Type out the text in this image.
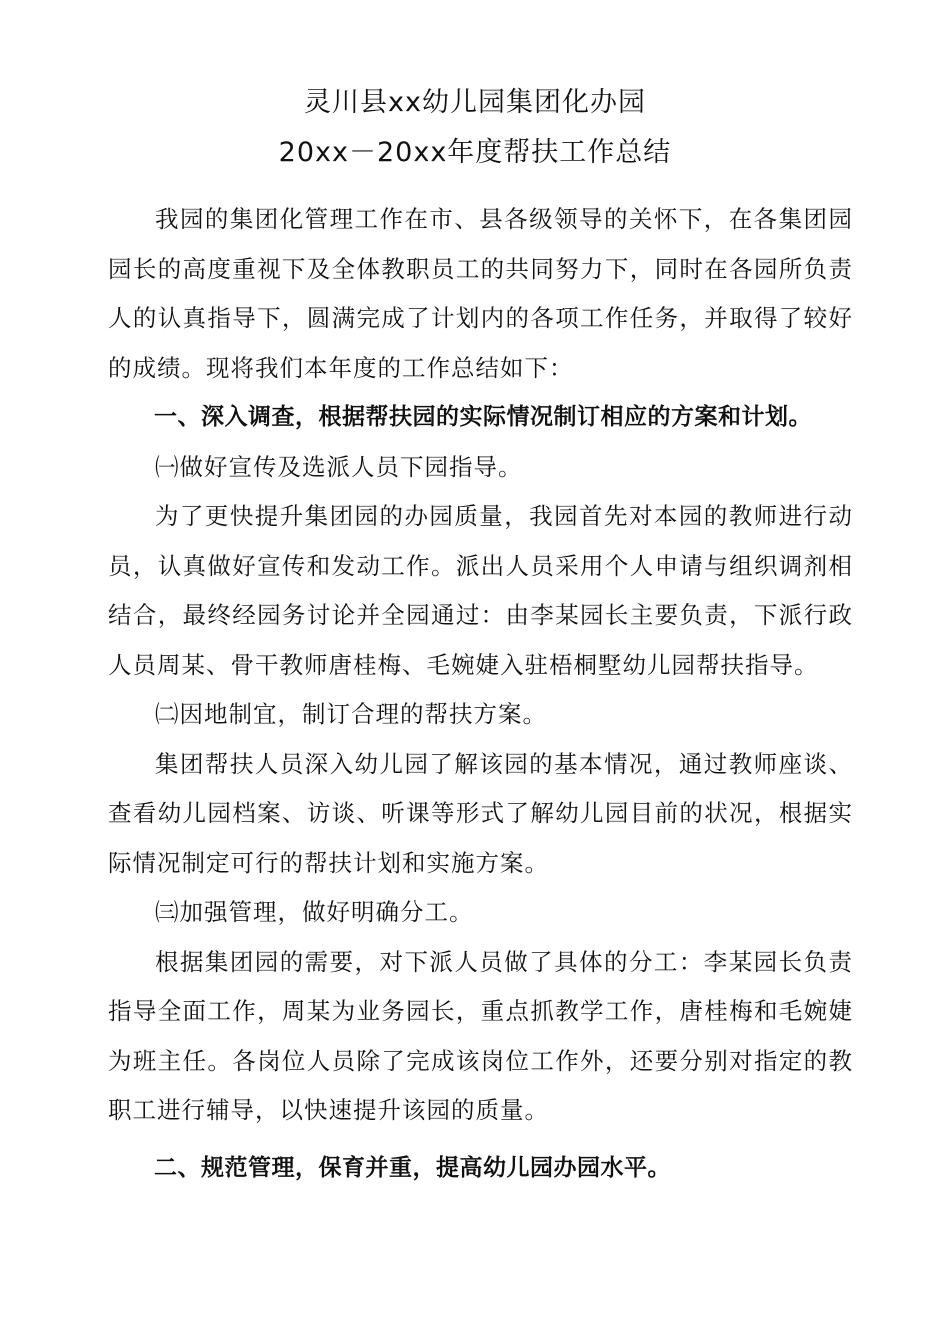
灵川县xx幼儿园集团化办园
20xx－20xx年度帮扶工作总结

我园的集团化管理工作在市、县各级领导的关怀下，在各集团园园长的高度重视下及全体教职员工的共同努力下，同时在各园所负责人的认真指导下，圆满完成了计划内的各项工作任务，并取得了较好的成绩。现将我们本年度的工作总结如下：

一、深入调查，根据帮扶园的实际情况制订相应的方案和计划。

㈠做好宣传及选派人员下园指导。

为了更快提升集团园的办园质量，我园首先对本园的教师进行动员，认真做好宣传和发动工作。派出人员采用个人申请与组织调剂相结合，最终经园务讨论并全园通过：由李某园长主要负责，下派行政人员周某、骨干教师唐桂梅、毛婉婕入驻梧桐墅幼儿园帮扶指导。

㈡因地制宜，制订合理的帮扶方案。

集团帮扶人员深入幼儿园了解该园的基本情况，通过教师座谈、查看幼儿园档案、访谈、听课等形式了解幼儿园目前的状况，根据实际情况制定可行的帮扶计划和实施方案。

㈢加强管理，做好明确分工。

根据集团园的需要，对下派人员做了具体的分工：李某园长负责指导全面工作，周某为业务园长，重点抓教学工作，唐桂梅和毛婉婕为班主任。各岗位人员除了完成该岗位工作外，还要分别对指定的教职工进行辅导，以快速提升该园的质量。

二、规范管理，保育并重，提高幼儿园办园水平。
